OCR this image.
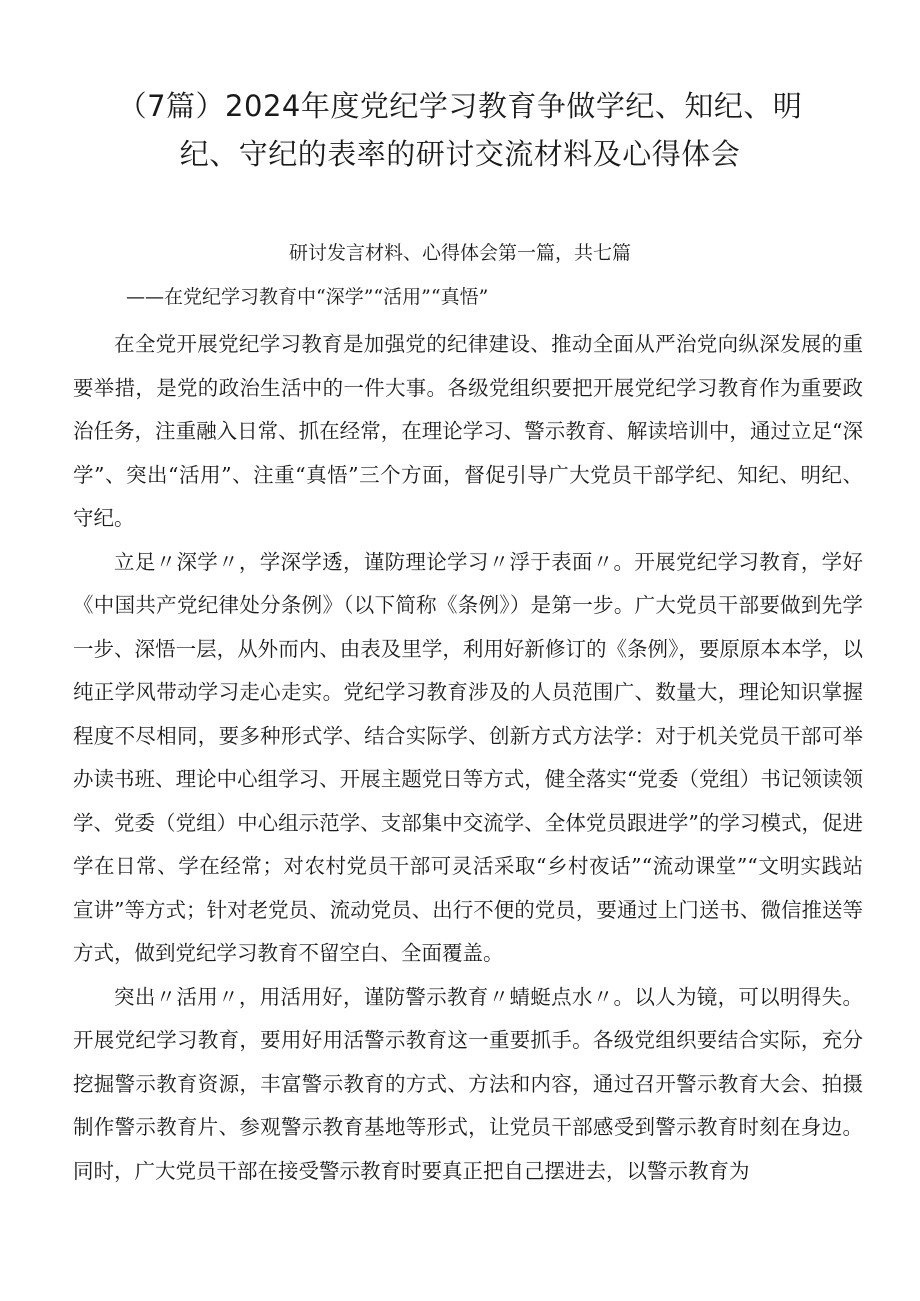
（7篇）2024年度党纪学习教育争做学纪、知纪、明
纪、守纪的表率的研讨交流材料及心得体会

研讨发言材料、心得体会第一篇，共七篇

——在党纪学习教育中“深学”“活用”“真悟”

在全党开展党纪学习教育是加强党的纪律建设、推动全面从严治党向纵深发展的重要举措，是党的政治生活中的一件大事。各级党组织要把开展党纪学习教育作为重要政治任务，注重融入日常、抓在经常，在理论学习、警示教育、解读培训中，通过立足“深学”、突出“活用”、注重“真悟”三个方面，督促引导广大党员干部学纪、知纪、明纪、守纪。

立足〃深学〃，学深学透，谨防理论学习〃浮于表面〃。开展党纪学习教育，学好《中国共产党纪律处分条例》（以下简称《条例》）是第一步。广大党员干部要做到先学一步、深悟一层，从外而内、由表及里学，利用好新修订的《条例》，要原原本本学，以纯正学风带动学习走心走实。党纪学习教育涉及的人员范围广、数量大，理论知识掌握程度不尽相同，要多种形式学、结合实际学、创新方式方法学：对于机关党员干部可举办读书班、理论中心组学习、开展主题党日等方式，健全落实“党委（党组）书记领读领学、党委（党组）中心组示范学、支部集中交流学、全体党员跟进学”的学习模式，促进学在日常、学在经常；对农村党员干部可灵活采取“乡村夜话”“流动课堂”“文明实践站宣讲”等方式；针对老党员、流动党员、出行不便的党员，要通过上门送书、微信推送等方式，做到党纪学习教育不留空白、全面覆盖。

突出〃活用〃，用活用好，谨防警示教育〃蜻蜓点水〃。以人为镜，可以明得失。开展党纪学习教育，要用好用活警示教育这一重要抓手。各级党组织要结合实际，充分挖掘警示教育资源，丰富警示教育的方式、方法和内容，通过召开警示教育大会、拍摄制作警示教育片、参观警示教育基地等形式，让党员干部感受到警示教育时刻在身边。同时，广大党员干部在接受警示教育时要真正把自己摆进去，以警示教育为
